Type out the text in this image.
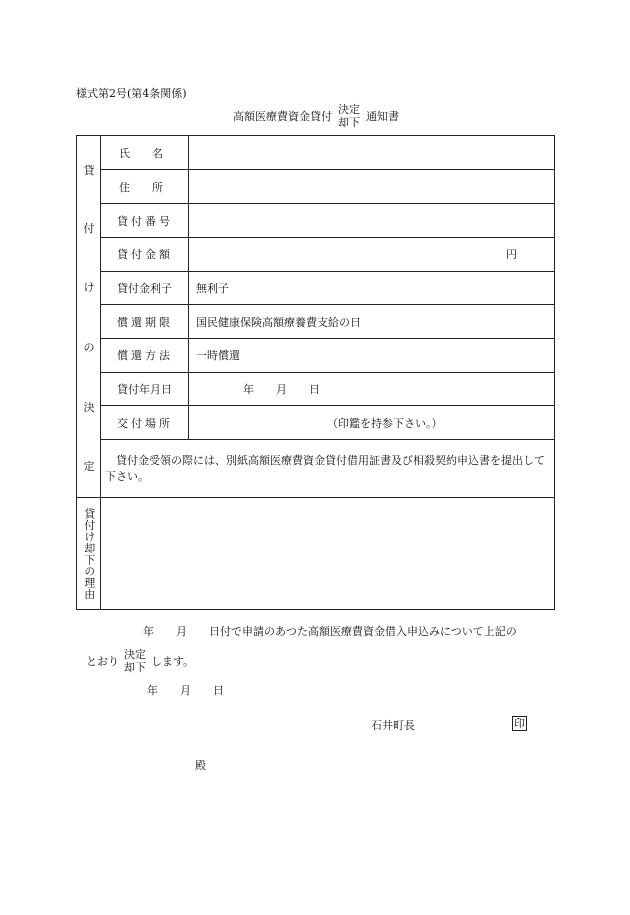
様式第2号(第4条関係)
高額医療費資金貸付
決定
却下 通知書
貸
付
け
の
決
定
氏　　名
住　　所
貸付番号
貸付金額	円
貸付金利子	無利子
償還期限	国民健康保険高額療養費支給の日
償還方法	一時償還
貸付年月日	年　　月　　日
交付場所	（印鑑を持参下さい。）
貸付金受領の際には、別紙高額医療費資金貸付借用証書及び相殺契約申込書を提出して下さい。
貸付け却下の理由
年　　月　　日付で申請のあつた高額医療費資金借入申込みについて上記の
とおり
決定
却下 します。
年　　月　　日
石井町長	印
殿
